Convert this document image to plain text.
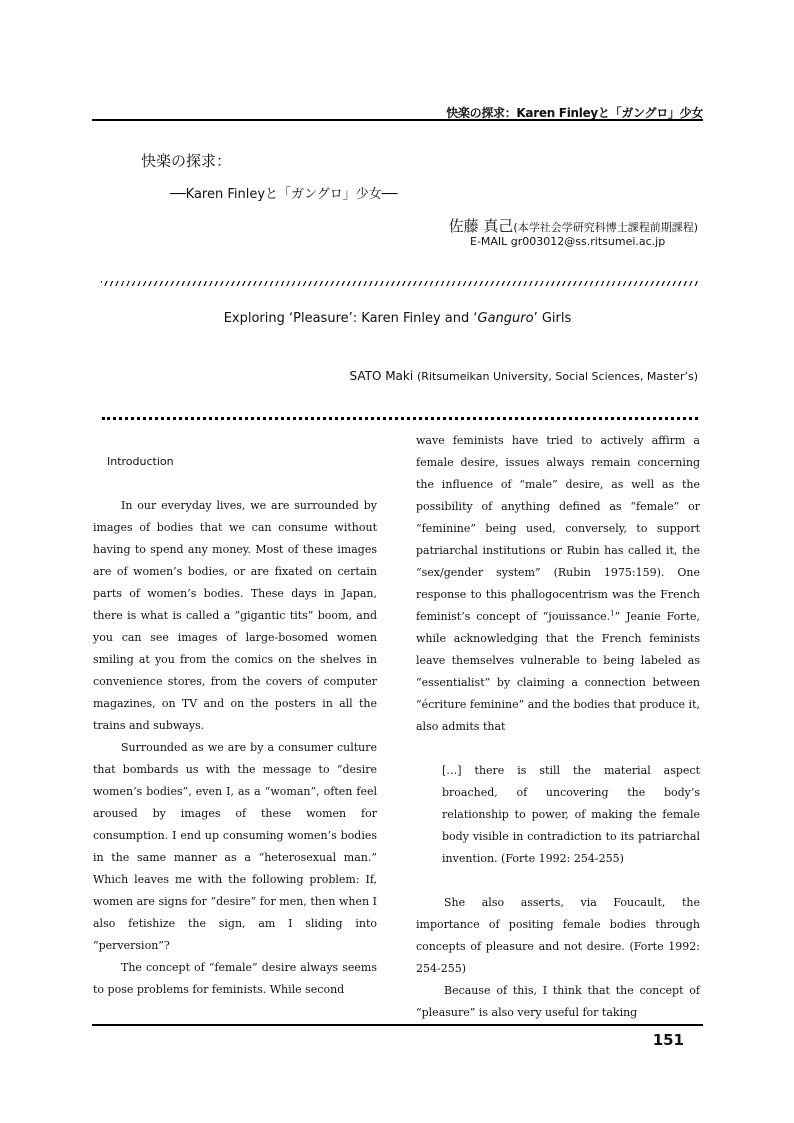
快楽の探求：Karen Finleyと「ガングロ」少女
快楽の探求：
──Karen Finleyと「ガングロ」少女──
佐藤 真己(本学社会学研究科博士課程前期課程)
E-MAIL gr003012@ss.ritsumei.ac.jp
Exploring ‘Pleasure’: Karen Finley and ‘Ganguro’ Girls
SATO Maki (Ritsumeikan University, Social Sciences, Master’s)

Introduction

In our everyday lives, we are surrounded by images of bodies that we can consume without having to spend any money. Most of these images are of women’s bodies, or are fixated on certain parts of women’s bodies. These days in Japan, there is what is called a “gigantic tits” boom, and you can see images of large-bosomed women smiling at you from the comics on the shelves in convenience stores, from the covers of computer magazines, on TV and on the posters in all the trains and subways.

Surrounded as we are by a consumer culture that bombards us with the message to “desire women’s bodies”, even I, as a “woman”, often feel aroused by images of these women for consumption. I end up consuming women’s bodies in the same manner as a “heterosexual man.” Which leaves me with the following problem: If, women are signs for “desire” for men, then when I also fetishize the sign, am I sliding into “perversion”?

The concept of “female” desire always seems to pose problems for feminists. While second

wave feminists have tried to actively affirm a female desire, issues always remain concerning the influence of “male” desire, as well as the possibility of anything defined as “female” or “feminine” being used, conversely, to support patriarchal institutions or Rubin has called it, the “sex/gender system” (Rubin 1975:159). One response to this phallogocentrism was the French feminist’s concept of “jouissance.$^1$” Jeanie Forte, while acknowledging that the French feminists leave themselves vulnerable to being labeled as “essentialist” by claiming a connection between “écriture feminine” and the bodies that produce it, also admits that

[…] there is still the material aspect broached, of uncovering the body’s relationship to power, of making the female body visible in contradiction to its patriarchal invention. (Forte 1992: 254-255)

She also asserts, via Foucault, the importance of positing female bodies through concepts of pleasure and not desire. (Forte 1992: 254-255)

Because of this, I think that the concept of “pleasure” is also very useful for taking

151
